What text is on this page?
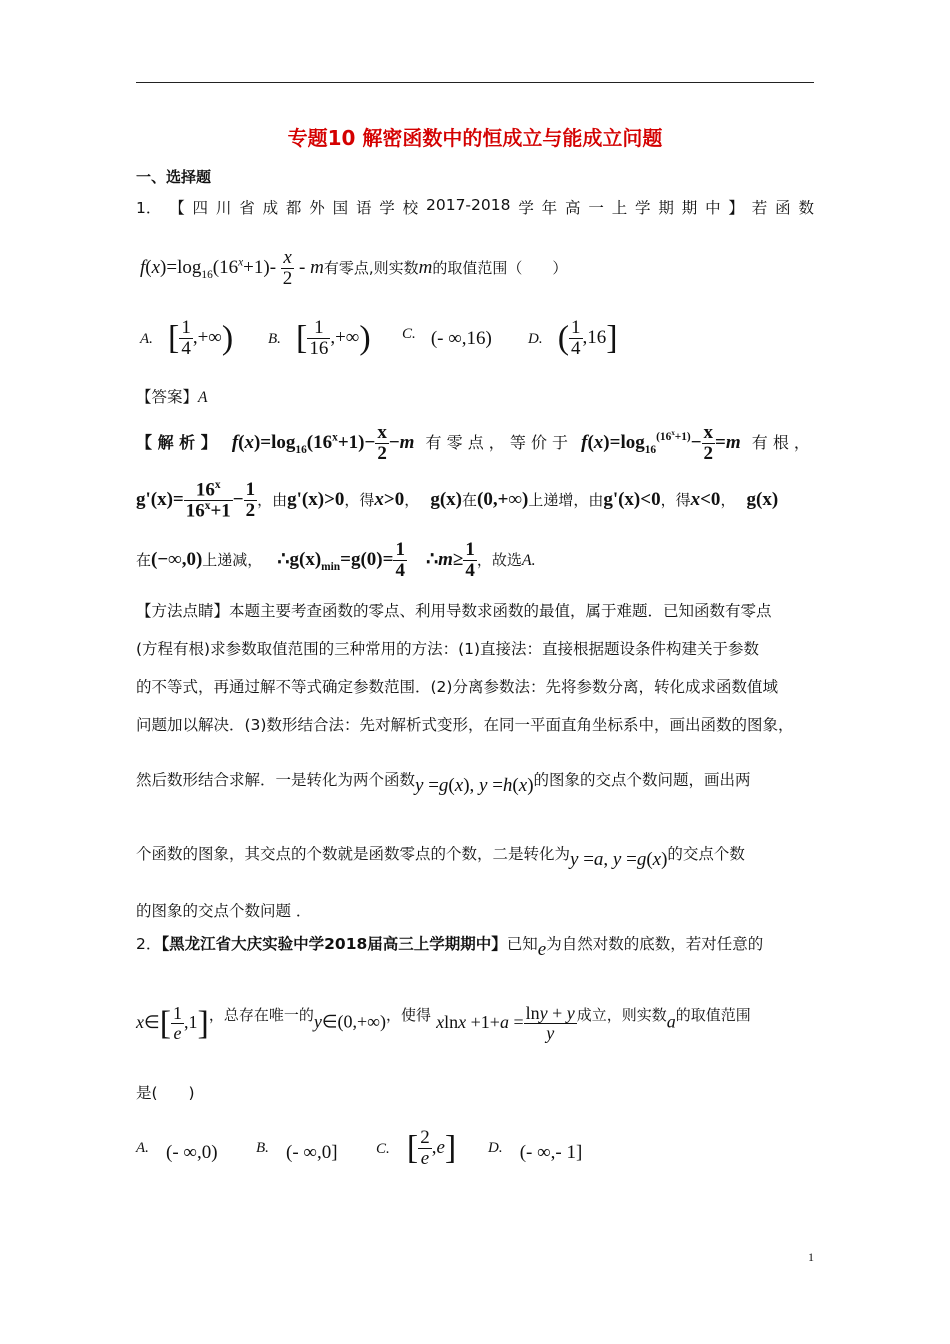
专题10 解密函数中的恒成立与能成立问题
一、选择题
1． 【 四 川 省 成 都 外 国 语 学 校 2017-2018 学 年 高 一 上 学 期 期 中 】 若 函 数
$f(x)=\log_{16}(16^x+1)- \frac{x}{2} - m$有零点,则实数m的取值范围（　　）
A. [ $\frac{1}{4}$ ,+∞) B. [ $\frac{1}{16}$ ,+∞) C. (- ∞,16) D. ( $\frac{1}{4} ,16$]
【答案】A
【 解 析 】 $f(x)=\log_{16}(16^x+1)- \frac{x}{2} -m$ 有 零 点 ， 等 价 于 $f(x)=\log_{16}^{(16^x+1)}- \frac{x}{2} =m$ 有 根 ，
$g'(x)= \frac{16^x}{16^x+1} - \frac{1}{2}$ ，由g'(x)>0，得x>0， g(x)在(0,+∞)上递增，由g'(x)<0，得x<0， g(x)
在(−∞,0)上递减， $\therefore g(x)_{min}=g(0)= \frac{1}{4}$ ∴m≥ $\frac{1}{4}$ ，故选A.
【方法点睛】本题主要考查函数的零点、利用导数求函数的最值，属于难题．已知函数有零点
(方程有根)求参数取值范围的三种常用的方法：(1)直接法：直接根据题设条件构建关于参数
的不等式，再通过解不等式确定参数范围．(2)分离参数法：先将参数分离，转化成求函数值域
问题加以解决．(3)数形结合法：先对解析式变形，在同一平面直角坐标系中，画出函数的图象，
然后数形结合求解．一是转化为两个函数y =g(x), y =h(x)的图象的交点个数问题，画出两
个函数的图象，其交点的个数就是函数零点的个数，二是转化为y =a, y =g(x)的交点个数
的图象的交点个数问题 ．
2．【黑龙江省大庆实验中学2018届高三上学期期中】已知e为自然对数的底数，若对任意的
x∈[ $\frac{1}{e} ,1$]，总存在唯一的y∈(0,+∞)，使得 $xlnx +1+a = \frac{\ln y + y}{y}$ 成立，则实数a的取值范围
是(　　)
A. (- ∞,0)	B. (- ∞,0]	C. [ $\frac{2}{e} ,e$] D. (- ∞,- 1]
1
